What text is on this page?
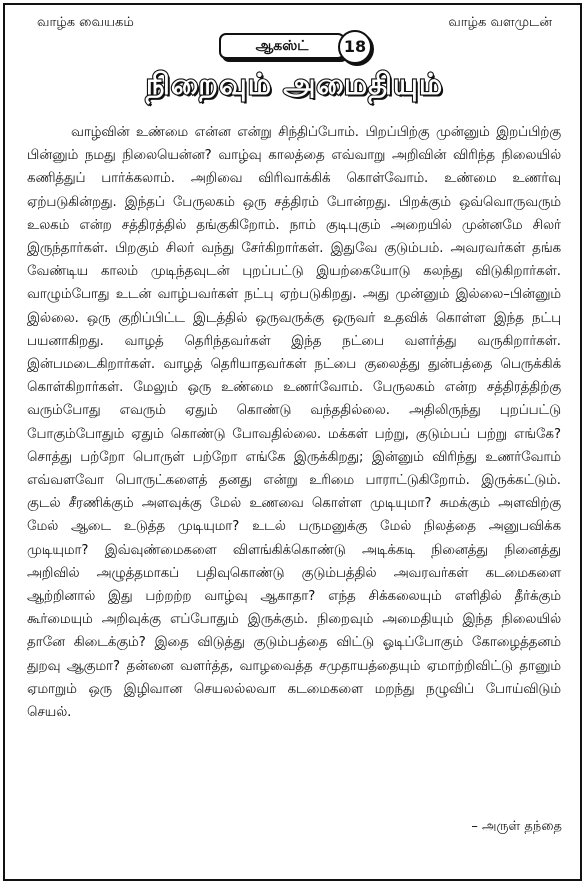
வாழ்க வையகம்	வாழ்க வளமுடன்
ஆகஸ்ட்	18
நிறைவும் அமைதியும்

வாழ்வின் உண்மை என்ன என்று சிந்திப்போம். பிறப்பிற்கு முன்னும் இறப்பிற்கு பின்னும் நமது நிலையென்ன? வாழ்வு காலத்தை எவ்வாறு அறிவின் விரிந்த நிலையில் கணித்துப் பார்க்கலாம். அறிவை விரிவாக்கிக் கொள்வோம். உண்மை உணர்வு ஏற்படுகின்றது. இந்தப் பேருலகம் ஒரு சத்திரம் போன்றது. பிறக்கும் ஒவ்வொருவரும் உலகம் என்ற சத்திரத்தில் தங்குகிறோம். நாம் குடிபுகும் அறையில் முன்னமே சிலர் இருந்தார்கள். பிறகும் சிலர் வந்து சேர்கிறார்கள். இதுவே குடும்பம். அவரவர்கள் தங்க வேண்டிய காலம் முடிந்தவுடன் புறப்பட்டு இயற்கையோடு கலந்து விடுகிறார்கள். வாழும்போது உடன் வாழ்பவர்கள் நட்பு ஏற்படுகிறது. அது முன்னும் இல்லை–பின்னும் இல்லை. ஒரு குறிப்பிட்ட இடத்தில் ஒருவருக்கு ஒருவர் உதவிக் கொள்ள இந்த நட்பு பயனாகிறது. வாழத் தெரிந்தவர்கள் இந்த நட்பை வளர்த்து வருகிறார்கள். இன்பமடைகிறார்கள். வாழத் தெரியாதவர்கள் நட்பை குலைத்து துன்பத்தை பெருக்கிக் கொள்கிறார்கள். மேலும் ஒரு உண்மை உணர்வோம். பேருலகம் என்ற சத்திரத்திற்கு வரும்போது எவரும் ஏதும் கொண்டு வந்ததில்லை. அதிலிருந்து புறப்பட்டு போகும்போதும் ஏதும் கொண்டு போவதில்லை. மக்கள் பற்று, குடும்பப் பற்று எங்கே? சொத்து பற்றோ பொருள் பற்றோ எங்கே இருக்கிறது; இன்னும் விரிந்து உணர்வோம் எவ்வளவோ பொருட்களைத் தனது என்று உரிமை பாராட்டுகிறோம். இருக்கட்டும். குடல் சீரணிக்கும் அளவுக்கு மேல் உணவை கொள்ள முடியுமா? சுமக்கும் அளவிற்கு மேல் ஆடை உடுத்த முடியுமா? உடல் பருமனுக்கு மேல் நிலத்தை அனுபவிக்க முடியுமா? இவ்வுண்மைகளை விளங்கிக்கொண்டு அடிக்கடி நினைத்து நினைத்து அறிவில் அழுத்தமாகப் பதிவுகொண்டு குடும்பத்தில் அவரவர்கள் கடமைகளை ஆற்றினால் இது பற்றற்ற வாழ்வு ஆகாதா? எந்த சிக்கலையும் எளிதில் தீர்க்கும் கூர்மையும் அறிவுக்கு எப்போதும் இருக்கும். நிறைவும் அமைதியும் இந்த நிலையில் தானே கிடைக்கும்? இதை விடுத்து குடும்பத்தை விட்டு ஓடிப்போகும் கோழைத்தனம் துறவு ஆகுமா? தன்னை வளர்த்த, வாழவைத்த சமுதாயத்தையும் ஏமாற்றிவிட்டு தானும் ஏமாறும் ஒரு இழிவான செயலல்லவா கடமைகளை மறந்து நழுவிப் போய்விடும் செயல்.

– அருள் தந்தை
